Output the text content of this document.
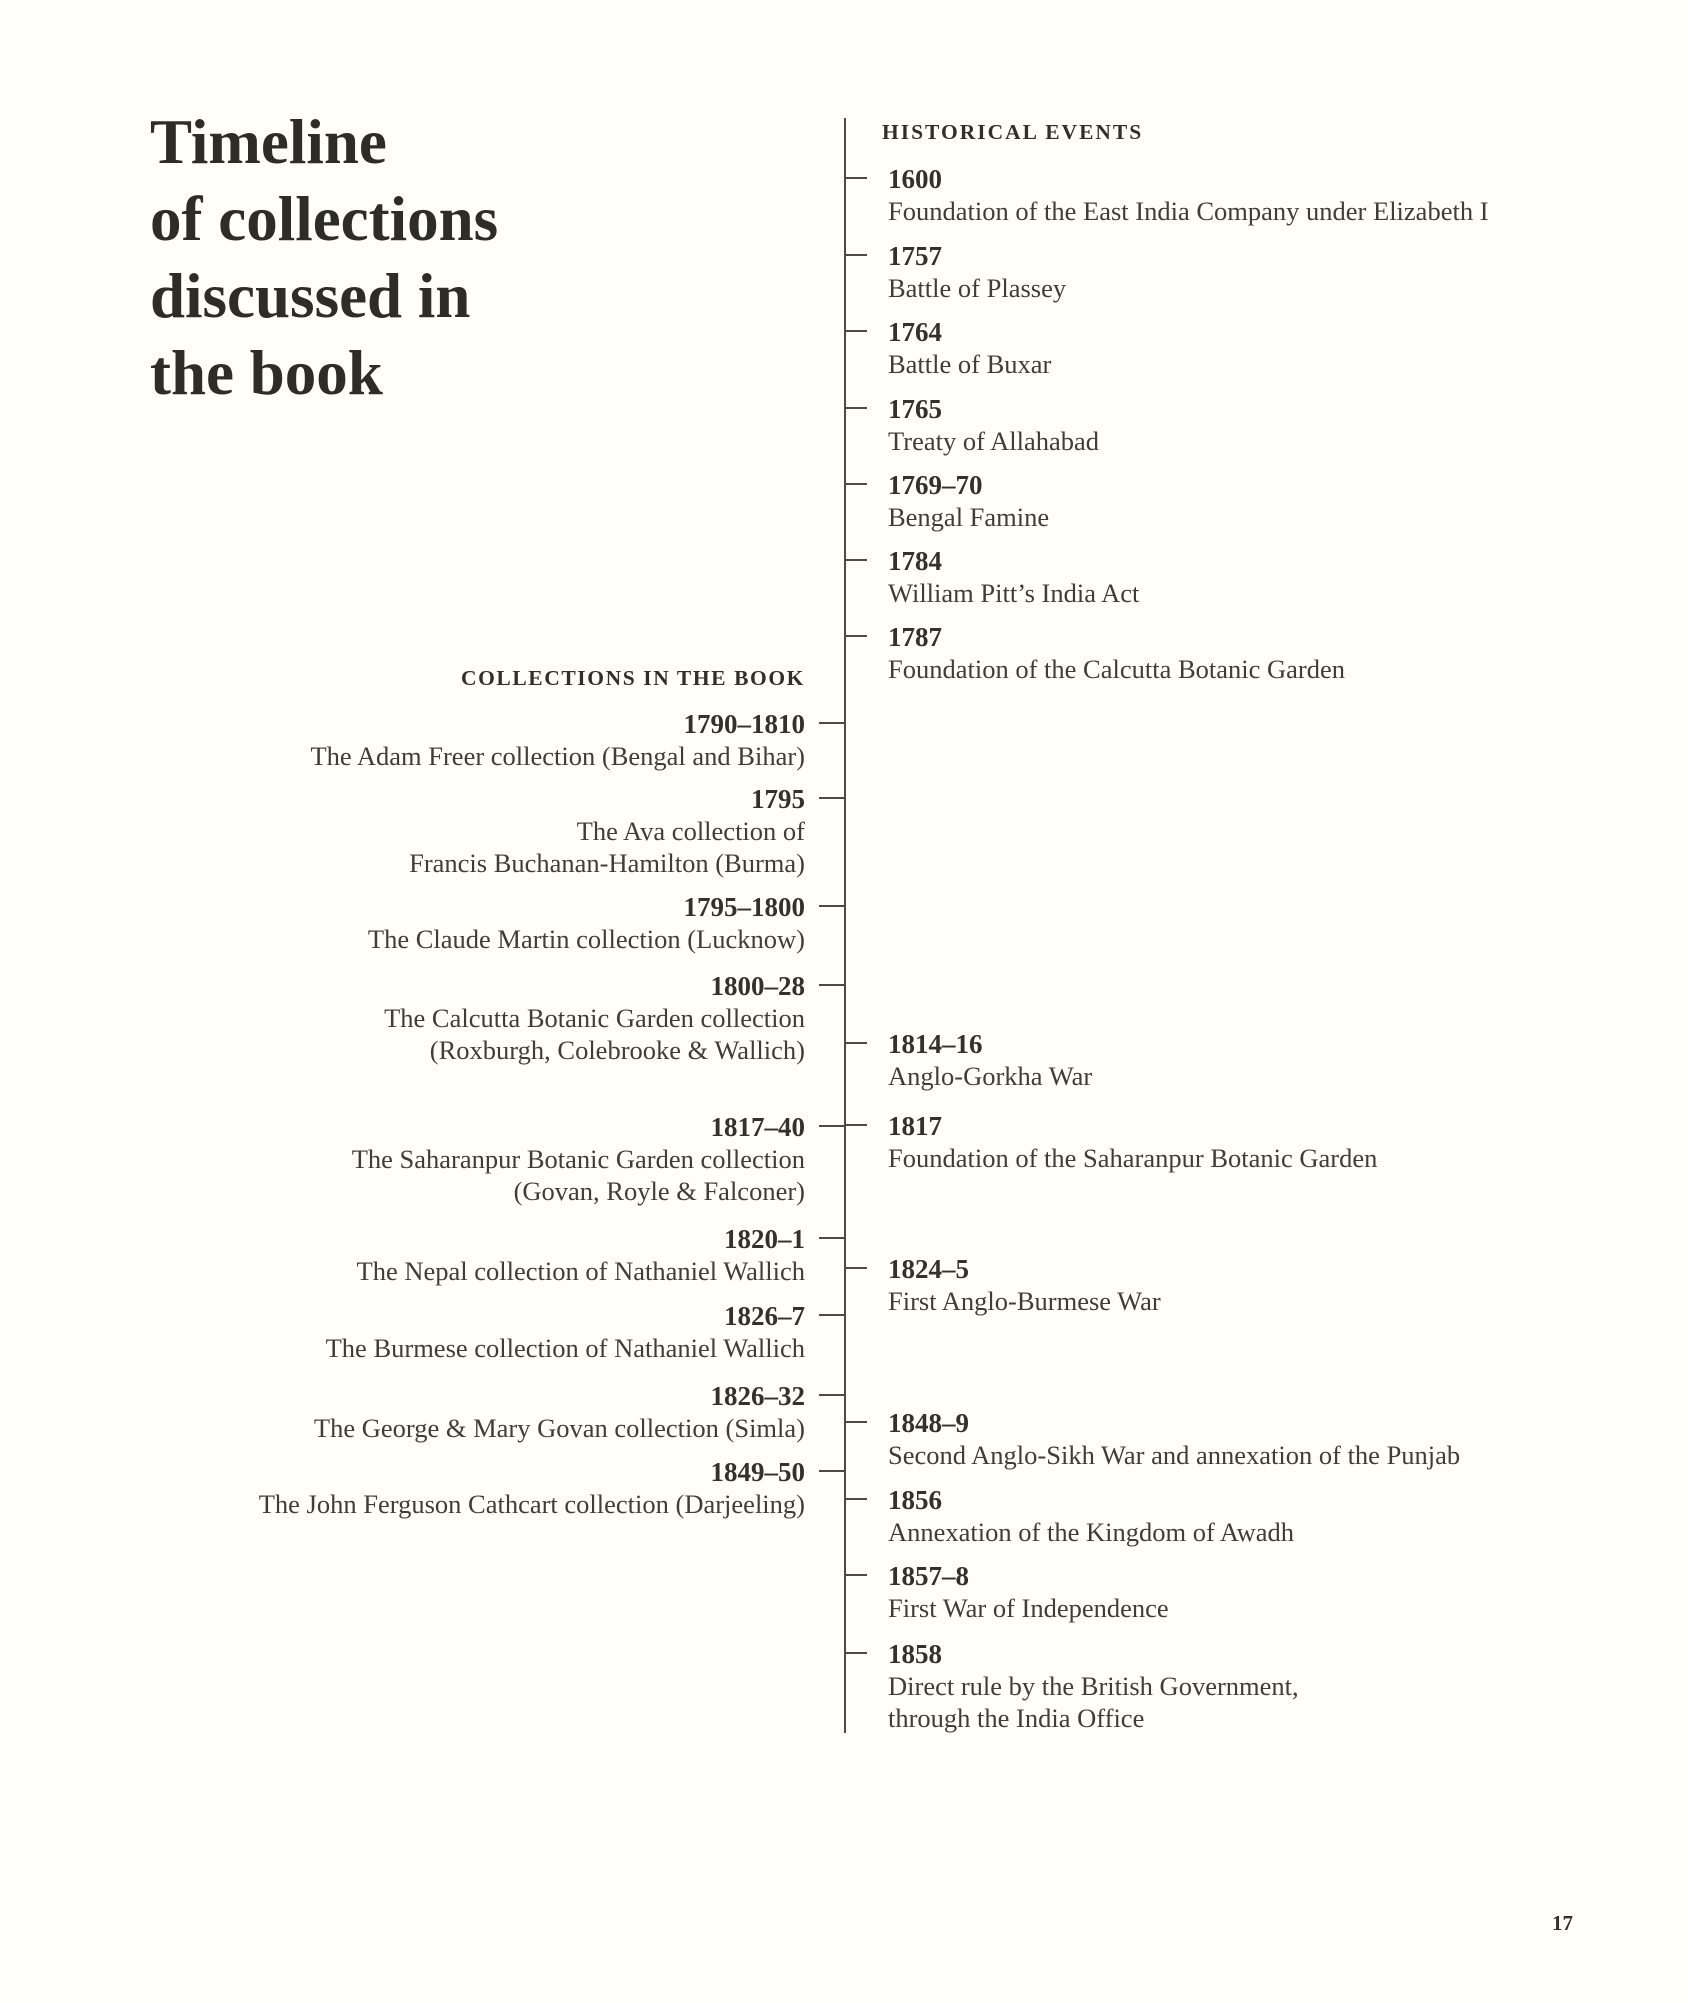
Timeline
of collections
discussed in
the book
HISTORICAL EVENTS
COLLECTIONS IN THE BOOK
17
1790–1810
The Adam Freer collection (Bengal and Bihar)
1795
The Ava collection of
Francis Buchanan-Hamilton (Burma)
1795–1800
The Claude Martin collection (Lucknow)
1800–28
The Calcutta Botanic Garden collection
(Roxburgh, Colebrooke & Wallich)
1817–40
The Saharanpur Botanic Garden collection
(Govan, Royle & Falconer)
1820–1
The Nepal collection of Nathaniel Wallich
1826–7
The Burmese collection of Nathaniel Wallich
1826–32
The George & Mary Govan collection (Simla)
1849–50
The John Ferguson Cathcart collection (Darjeeling)
1600
Foundation of the East India Company under Elizabeth I
1757
Battle of Plassey
1764
Battle of Buxar
1765
Treaty of Allahabad
1769–70
Bengal Famine
1784
William Pitt’s India Act
1787
Foundation of the Calcutta Botanic Garden
1814–16
Anglo-Gorkha War
1817
Foundation of the Saharanpur Botanic Garden
1824–5
First Anglo-Burmese War
1848–9
Second Anglo-Sikh War and annexation of the Punjab
1856
Annexation of the Kingdom of Awadh
1857–8
First War of Independence
1858
Direct rule by the British Government,
through the India Office
